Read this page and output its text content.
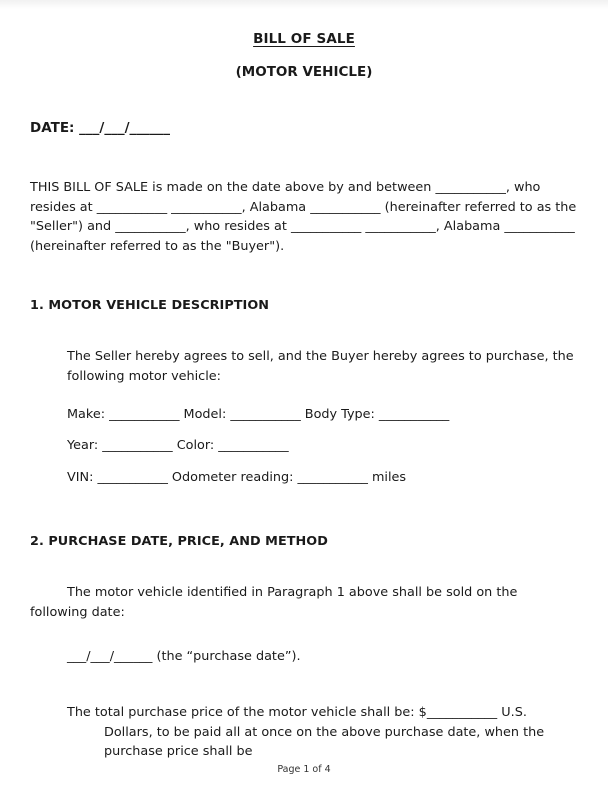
BILL OF SALE
(MOTOR VEHICLE)

DATE: ___/___/______

THIS BILL OF SALE is made on the date above by and between ___________, who resides at ___________ ___________, Alabama ___________ (hereinafter referred to as the "Seller") and ___________, who resides at ___________ ___________, Alabama ___________ (hereinafter referred to as the "Buyer").

1. MOTOR VEHICLE DESCRIPTION

The Seller hereby agrees to sell, and the Buyer hereby agrees to purchase, the following motor vehicle:

Make: ___________ Model: ___________ Body Type: ___________

Year: ___________ Color: ___________

VIN: ___________ Odometer reading: ___________ miles

2. PURCHASE DATE, PRICE, AND METHOD

The motor vehicle identified in Paragraph 1 above shall be sold on the following date:

___/___/______ (the “purchase date”).

The total purchase price of the motor vehicle shall be: $___________ U.S. Dollars, to be paid all at once on the above purchase date, when the purchase price shall be

Page 1 of 4
